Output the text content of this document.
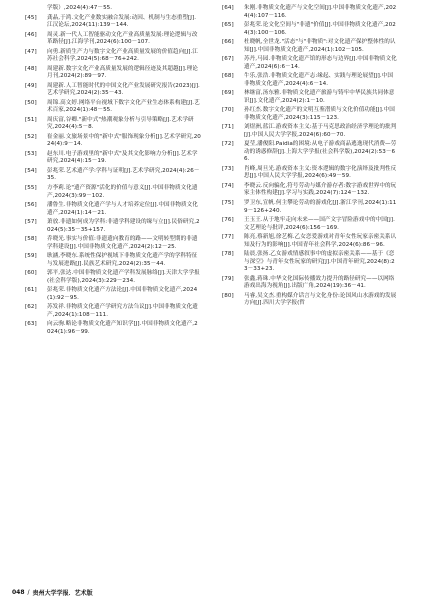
学版）,2024(4):47－55.
[45]	龚晶,于鸿.文化产业数实融合发展:动因、机制与生态重塑[J].江汉论坛,2024(11):139－144.
[46]	周灵.新一代人工智能驱动文化产业高质量发展:理论逻辑与改革路径[J].江海学刊,2024(6):100－107.
[47]	向勇.新质生产力与数字文化产业高质量发展的价值趋向[J].江苏社会科学,2024(5):68－76+242.
[48]	周建新.数字文化产业高质量发展的逻辑径迹及其超越[J].理论月刊,2024(2):89－97.
[49]	周建新.人工智能时代的中国文化产业发展研究报告(2023)[J].艺术学研究,2024(2):35－43.
[50]	周锦.高文婷.网络平台视域下数字文化产业生态体系构建[J].艺术百家,2024(1):48－55.
[51]	周庆富,谷卿."新中式"热潮观象分析与引导策略[J].艺术学研究,2024(4):5－8.
[52]	崔金丽.文旅场景中的"新中式"服饰现象分析[J].艺术学研究,2024(4):9－14.
[53]	赵东川.电子游戏里的"新中式"及其文化影响力分析[J].艺术学研究,2024(4):15－19.
[54]	彭兆荣.艺术遗产学:学科与证明[J].艺术学研究,2024(4):26－35.
[55]	方李莉.论"遗产资源"活化的价值与意义[J].中国非物质文化遗产,2024(3):99－102.
[56]	潘鲁生.非物质文化遗产学与人才培养定位[J].中国非物质文化遗产,2024(1):14－21.
[57]	萧放.非遗如何成为学科:非遗学科建设的缘与立[J].民俗研究,2024(5):35－35+157.
[58]	乔晓光.事实与价值:非遗遗向教育的路——文明转型期的非遗学科建设[J].中国非物质文化遗产,2024(2):12－25.
[59]	耿涵,李晓东.系统性保护视域下非物质文化遗产学的学科特征与发展进路[J].民族艺术研究,2024(2):35－44.
[60]	郭平,张达.中国非物质文化遗产学科发展脉络[J].天津大学学报(社会科学版),2024(3):229－234.
[61]	彭兆荣.非物质文化遗产方法论[J].中国非物质文化遗产,2024(1):92－95.
[62]	苏发祥.非物质文化遗产学研究方法刍议[J].中国非物质文化遗产,2024(1):108－111.
[63]	向云驹.略论非物质文化遗产知识学[J].中国非物质文化遗产,2024(1):96－99.
[64]	朱刚.非物质文化遗产与文化空间[J].中国非物质文化遗产,2024(4):107－116.
[65]	彭兆荣.论文化空间与"非遗"价值[J].中国非物质文化遗产,2024(3):100－106.
[66]	杜晓帆,全世龙."活态"与"非物质":对文化遗产保护整体性的认知[J].中国非物质文化遗产,2024(1):102－105.
[67]	苏丹,马园.非物质文化遗产馆的形态与边界[J].中国非物质文化遗产,2024(6):6－14.
[68]	牛乐,张浩.非物质文化遗产志:缘起、实践与理论展望[J].中国非物质文化遗产,2024(4):6－14.
[69]	林继富,汤东雅.非物质文化遗产旅游与铸牢中华民族共同体意识[J].文化遗产,2024(2):1－10.
[70]	孙红杰.数字文化遗产的文明互鉴潜质与文化价值功能[J].中国非物质文化遗产,2024(3):115－123.
[71]	刘煜洲,蓝江.游戏资本主义:基于马克思政治经济学理论的批判[J].中国人民大学学报,2024(6):60－70.
[72]	夏莹,潘俊阳.Paidia的困境:从电子游戏商品逃逸现代消费—劳动的诱惑修辞[J].上海大学学报(社会科学版),2024(2):53－66.
[73]	肖峰,周旦光.游戏资本主义:资本逻辑的数字化演绎及批判性反思[J].中国人民大学学报,2024(6):49－59.
[74]	李晓云.反向骗化,符号劳动与媒介游存者:数字游戏世界中的玩家主体性构建[J].学习与实践,2024(7):124－132.
[75]	罗卫东,宣帆.何主攀论劳动的游戏化[J].浙江学刊,2024(1):119－126+240.
[76]	王玉王.从于地牢走向未来——国产文字冒险游戏中的中国[J].文艺理论与批评,2024(6):156－169.
[77]	陈亮,蔡新旭,徐艺梅.乙女恋爱游戏对青年女性玩家亲密关系认知及行为的影响[J].中国青年社会科学,2024(6):86－96.
[78]	陆晨,张扬.乙女游戏情感叙事中的虚拟亲密关系——基于《恋与深空》与青年女性玩家的研究[J].中国青年研究,2024(8):23－33+23.
[79]	张鑫,蒋珠.中华文化国际传播效力提升的路径研究——以网络游戏出海为视角[J].出版广角,2024(19):36－41.
[80]	马睿,吴文杰.重构媒介话言与文化身份:论国风山水游戏的发展方向[J].四川大学学报(哲
048 / 贵州大学学报．艺术版
